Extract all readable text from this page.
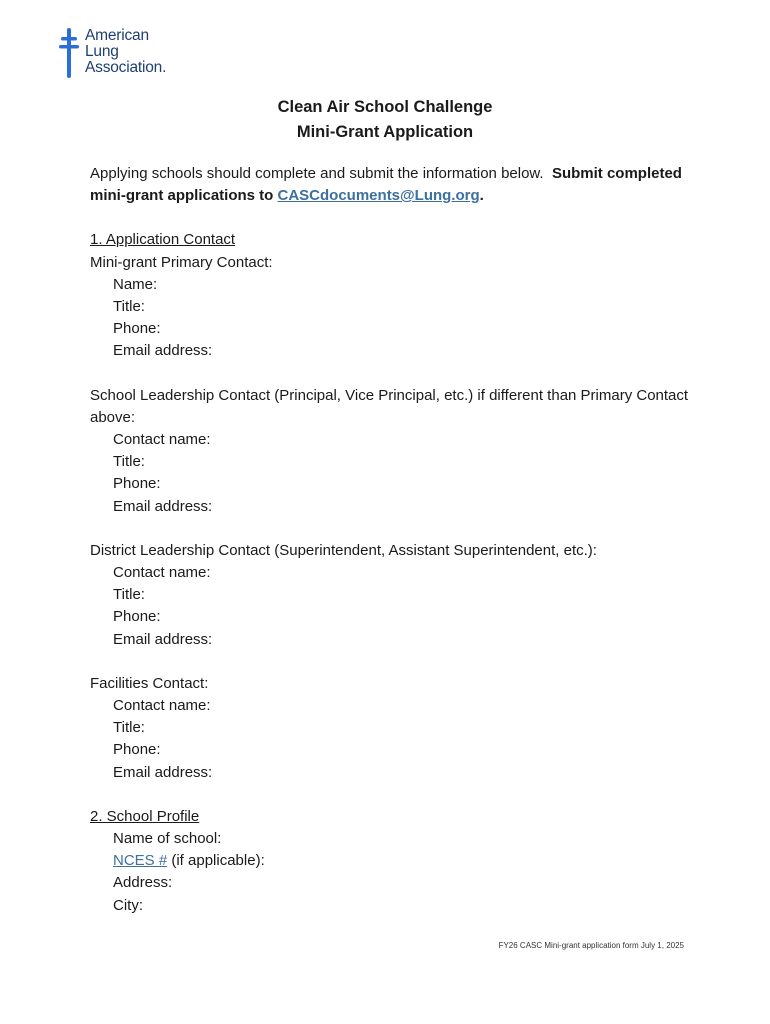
American
Lung
Association.
Clean Air School Challenge
Mini-Grant Application

Applying schools should complete and submit the information below. Submit completed mini-grant applications to CASCdocuments@Lung.org.

1. Application Contact
Mini-grant Primary Contact:
Name:
Title:
Phone:
Email address:
School Leadership Contact (Principal, Vice Principal, etc.) if different than Primary Contact above:
Contact name:
Title:
Phone:
Email address:
District Leadership Contact (Superintendent, Assistant Superintendent, etc.):
Contact name:
Title:
Phone:
Email address:
Facilities Contact:
Contact name:
Title:
Phone:
Email address:
2. School Profile
Name of school:
NCES # (if applicable):
Address:
City:
FY26 CASC Mini-grant application form July 1, 2025
